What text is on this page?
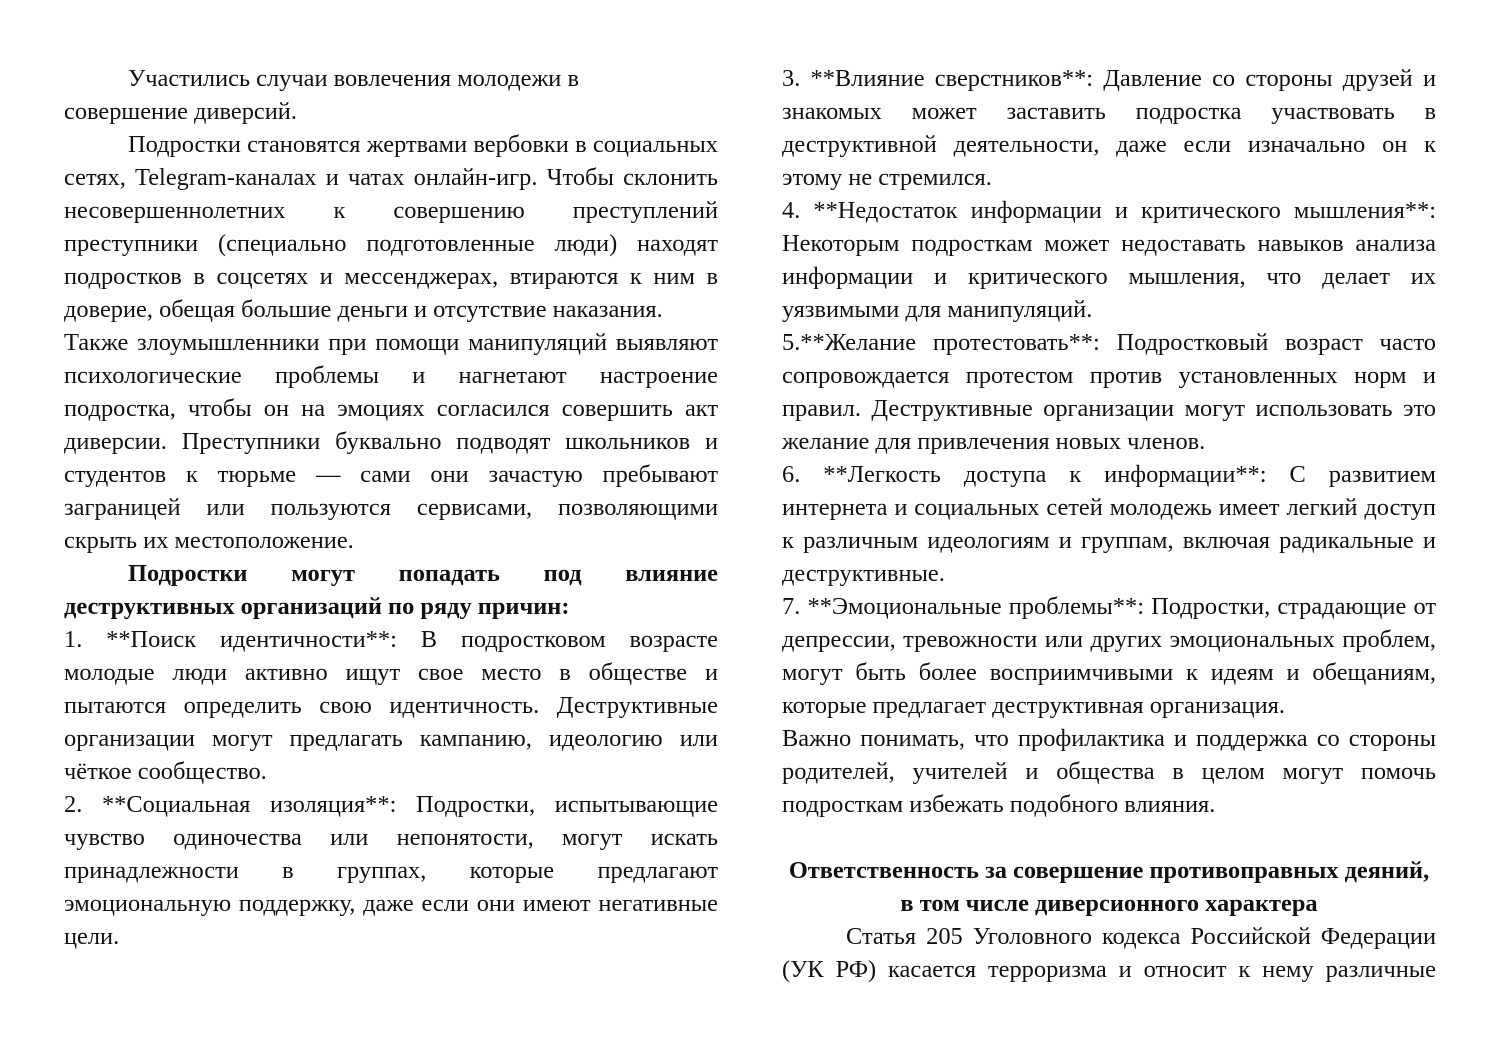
Участились случаи вовлечения молодежи в

совершение диверсий.

Подростки становятся жертвами вербовки в социальных сетях, Telegram-каналах и чатах онлайн-игр. Чтобы склонить несовершеннолетних к совершению преступлений преступники (специально подготовленные люди) находят подростков в соцсетях и мессенджерах, втираются к ним в доверие, обещая большие деньги и отсутствие наказания.

Также злоумышленники при помощи манипуляций выявляют психологические проблемы и нагнетают настроение подростка, чтобы он на эмоциях согласился совершить акт диверсии. Преступники буквально подводят школьников и студентов к тюрьме — сами они зачастую пребывают заграницей или пользуются сервисами, позволяющими скрыть их местоположение.

Подростки могут попадать под влияние деструктивных организаций по ряду причин:

1. **Поиск идентичности**: В подростковом возрасте молодые люди активно ищут свое место в обществе и пытаются определить свою идентичность. Деструктивные организации могут предлагать кампанию, идеологию или чёткое сообщество.

2. **Социальная изоляция**: Подростки, испытывающие чувство одиночества или непонятости, могут искать принадлежности в группах, которые предлагают эмоциональную поддержку, даже если они имеют негативные цели.

3. **Влияние сверстников**: Давление со стороны друзей и знакомых может заставить подростка участвовать в деструктивной деятельности, даже если изначально он к этому не стремился.

4. **Недостаток информации и критического мышления**: Некоторым подросткам может недоставать навыков анализа информации и критического мышления, что делает их уязвимыми для манипуляций.

5.**Желание протестовать**: Подростковый возраст часто сопровождается протестом против установленных норм и правил. Деструктивные организации могут использовать это желание для привлечения новых членов.

6. **Легкость доступа к информации**: С развитием интернета и социальных сетей молодежь имеет легкий доступ к различным идеологиям и группам, включая радикальные и деструктивные.

7. **Эмоциональные проблемы**: Подростки, страдающие от депрессии, тревожности или других эмоциональных проблем, могут быть более восприимчивыми к идеям и обещаниям, которые предлагает деструктивная организация.

Важно понимать, что профилактика и поддержка со стороны родителей, учителей и общества в целом могут помочь подросткам избежать подобного влияния.

Ответственность за совершение противоправных деяний,
в том числе диверсионного характера

Статья 205 Уголовного кодекса Российской Федерации (УК РФ) касается терроризма и относит к нему различные
